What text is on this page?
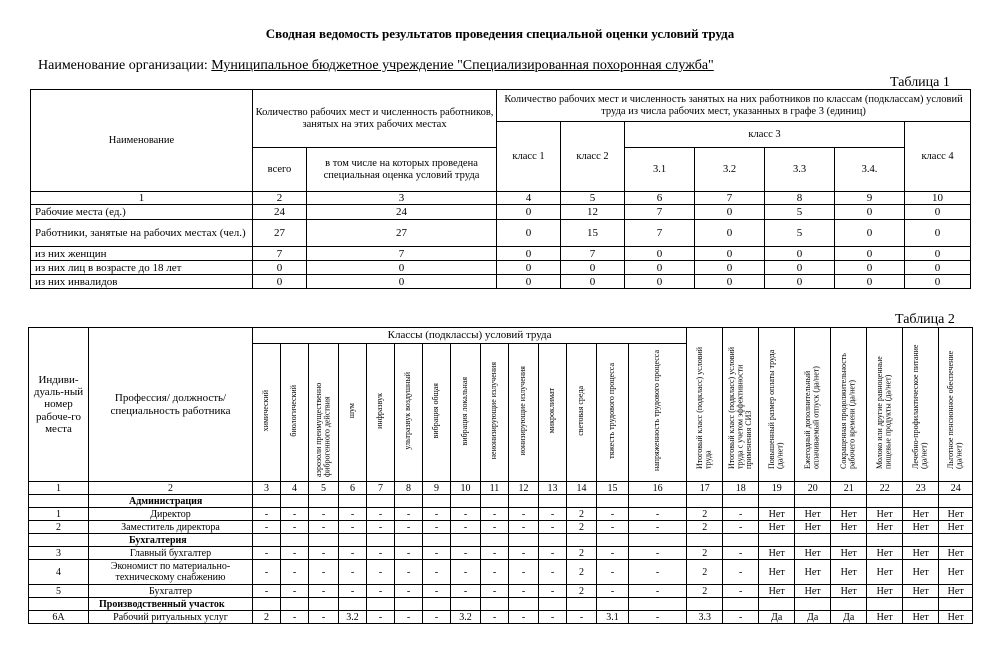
Сводная ведомость результатов проведения специальной оценки условий труда
Наименование организации: Муниципальное бюджетное учреждение "Специализированная похоронная служба"
Таблица 1
Наименование	Количество рабочих мест и численность работников, занятых на этих рабочих местах		Количество рабочих мест и численность занятых на них работников по классам (подклассам) условий труда из числа рабочих мест, указанных в графе 3 (единиц)						
			класс 1	класс 2	класс 3				класс 4
	всего	в том числе на которых проведена специальная оценка условий труда			3.1	3.2	3.3	3.4.	
1	2	3	4	5	6	7	8	9	10
Рабочие места (ед.)	24	24	0	12	7	0	5	0	0
Работники, занятые на рабочих местах (чел.)	27	27	0	15	7	0	5	0	0
из них женщин	7	7	0	7	0	0	0	0	0
из них лиц в возрасте до 18 лет	0	0	0	0	0	0	0	0	0
из них инвалидов	0	0	0	0	0	0	0	0	0
Таблица 2
Индиви-дуаль-ный номер рабоче-го места	Профессия/ должность/ специальность работника	Классы (подклассы) условий труда														Итоговый класс (подкласс) условий труда	Итоговый класс (подкласс) условий труда с учетом эффективности применения СИЗ	Повышенный размер оплаты труда (да/нет)	Ежегодный дополнительный оплачиваемый отпуск (да/нет)	Сокращенная продолжительность рабочего времени (да/нет)	Молоко или другие равноценные пищевые продукты (да/нет)	Лечебно-профилактическое питание (да/нет)	Льготное пенсионное обеспечение (да/нет)
		химический	биологический	аэрозоли преимущественно фиброгенного действия	шум	инфразвук	ультразвук воздушный	вибрация общая	вибрация локальная	неионизирующие излучения	ионизирующие излучения	микроклимат	световая среда	тяжесть трудового процесса	напряженность трудового процесса								
1	2	3	4	5	6	7	8	9	10	11	12	13	14	15	16	17	18	19	20	21	22	23	24
	Администрация																						
1	Директор	-	-	-	-	-	-	-	-	-	-	-	2	-	-	2	-	Нет	Нет	Нет	Нет	Нет	Нет
2	Заместитель директора	-	-	-	-	-	-	-	-	-	-	-	2	-	-	2	-	Нет	Нет	Нет	Нет	Нет	Нет
	Бухгалтерия																						
3	Главный бухгалтер	-	-	-	-	-	-	-	-	-	-	-	2	-	-	2	-	Нет	Нет	Нет	Нет	Нет	Нет
4	Экономист по материально-техническому снабжению	-	-	-	-	-	-	-	-	-	-	-	2	-	-	2	-	Нет	Нет	Нет	Нет	Нет	Нет
5	Бухгалтер	-	-	-	-	-	-	-	-	-	-	-	2	-	-	2	-	Нет	Нет	Нет	Нет	Нет	Нет
	Производственный участок																						
6А	Рабочий ритуальных услуг	2	-	-	3.2	-	-	-	3.2	-	-	-	-	3.1	-	3.3	-	Да	Да	Да	Нет	Нет	Нет
